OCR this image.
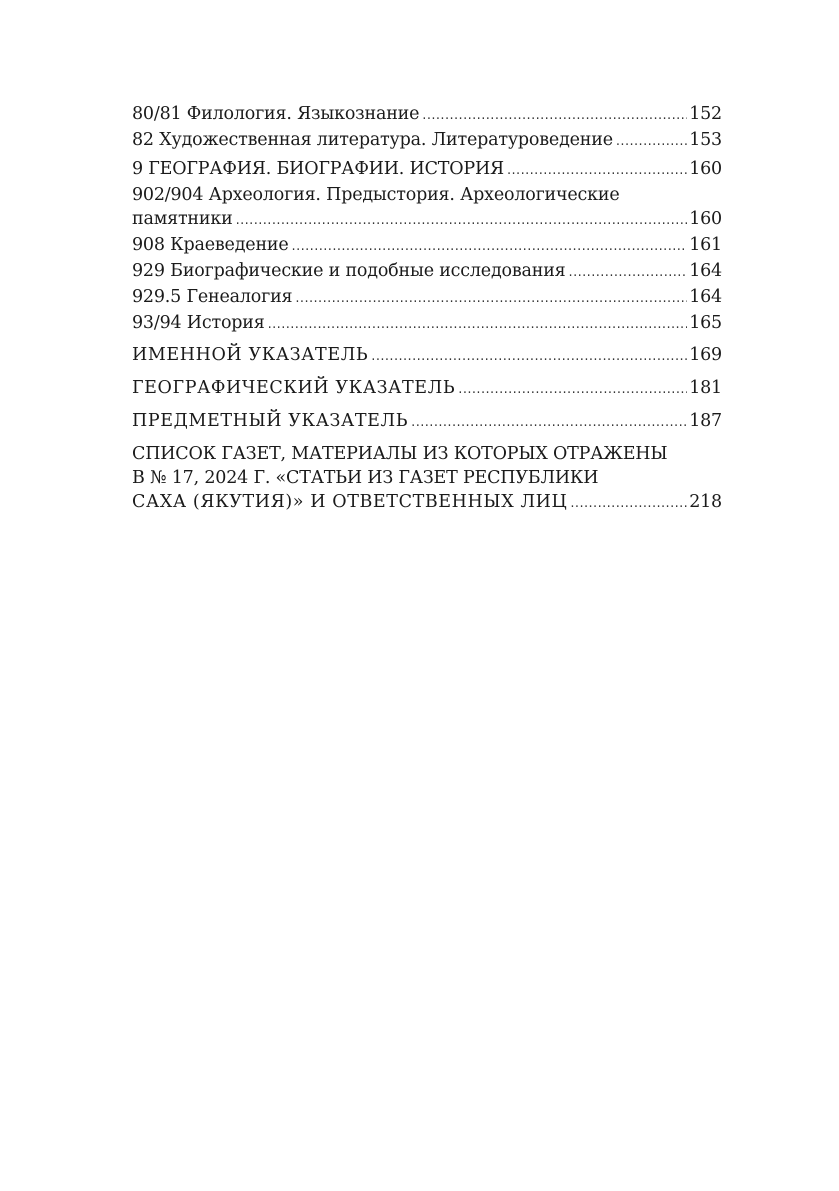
80/81 Филология. Языкознание .....	152
82 Художественная литература. Литературоведение .....	153
9 ГЕОГРАФИЯ. БИОГРАФИИ. ИСТОРИЯ .....	160
902/904 Археология. Предыстория. Археологические
памятники .....	160
908 Краеведение .....	161
929 Биографические и подобные исследования .....	164
929.5 Генеалогия .....	164
93/94 История .....	165
ИМЕННОЙ УКАЗАТЕЛЬ .....	169
ГЕОГРАФИЧЕСКИЙ УКАЗАТЕЛЬ .....	181
ПРЕДМЕТНЫЙ УКАЗАТЕЛЬ .....	187
СПИСОК ГАЗЕТ, МАТЕРИАЛЫ ИЗ КОТОРЫХ ОТРАЖЕНЫ
В № 17, 2024 Г. «СТАТЬИ ИЗ ГАЗЕТ РЕСПУБЛИКИ
САХА (ЯКУТИЯ)» И ОТВЕТСТВЕННЫХ ЛИЦ .....	218
